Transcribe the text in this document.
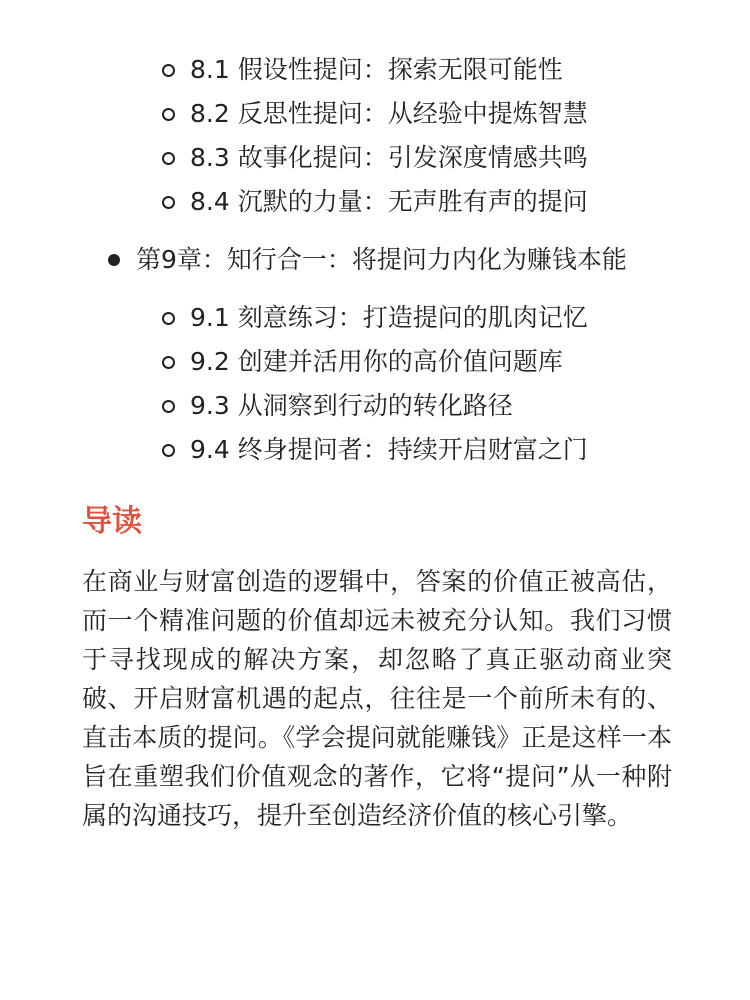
8.1 假设性提问：探索无限可能性
8.2 反思性提问：从经验中提炼智慧
8.3 故事化提问：引发深度情感共鸣
8.4 沉默的力量：无声胜有声的提问
第9章：知行合一：将提问力内化为赚钱本能
9.1 刻意练习：打造提问的肌肉记忆
9.2 创建并活用你的高价值问题库
9.3 从洞察到行动的转化路径
9.4 终身提问者：持续开启财富之门
导读

在商业与财富创造的逻辑中，答案的价值正被高估，而一个精准问题的价值却远未被充分认知。我们习惯于寻找现成的解决方案，却忽略了真正驱动商业突破、开启财富机遇的起点，往往是一个前所未有的、直击本质的提问。《学会提问就能赚钱》正是这样一本旨在重塑我们价值观念的著作，它将“提问”从一种附属的沟通技巧，提升至创造经济价值的核心引擎。
